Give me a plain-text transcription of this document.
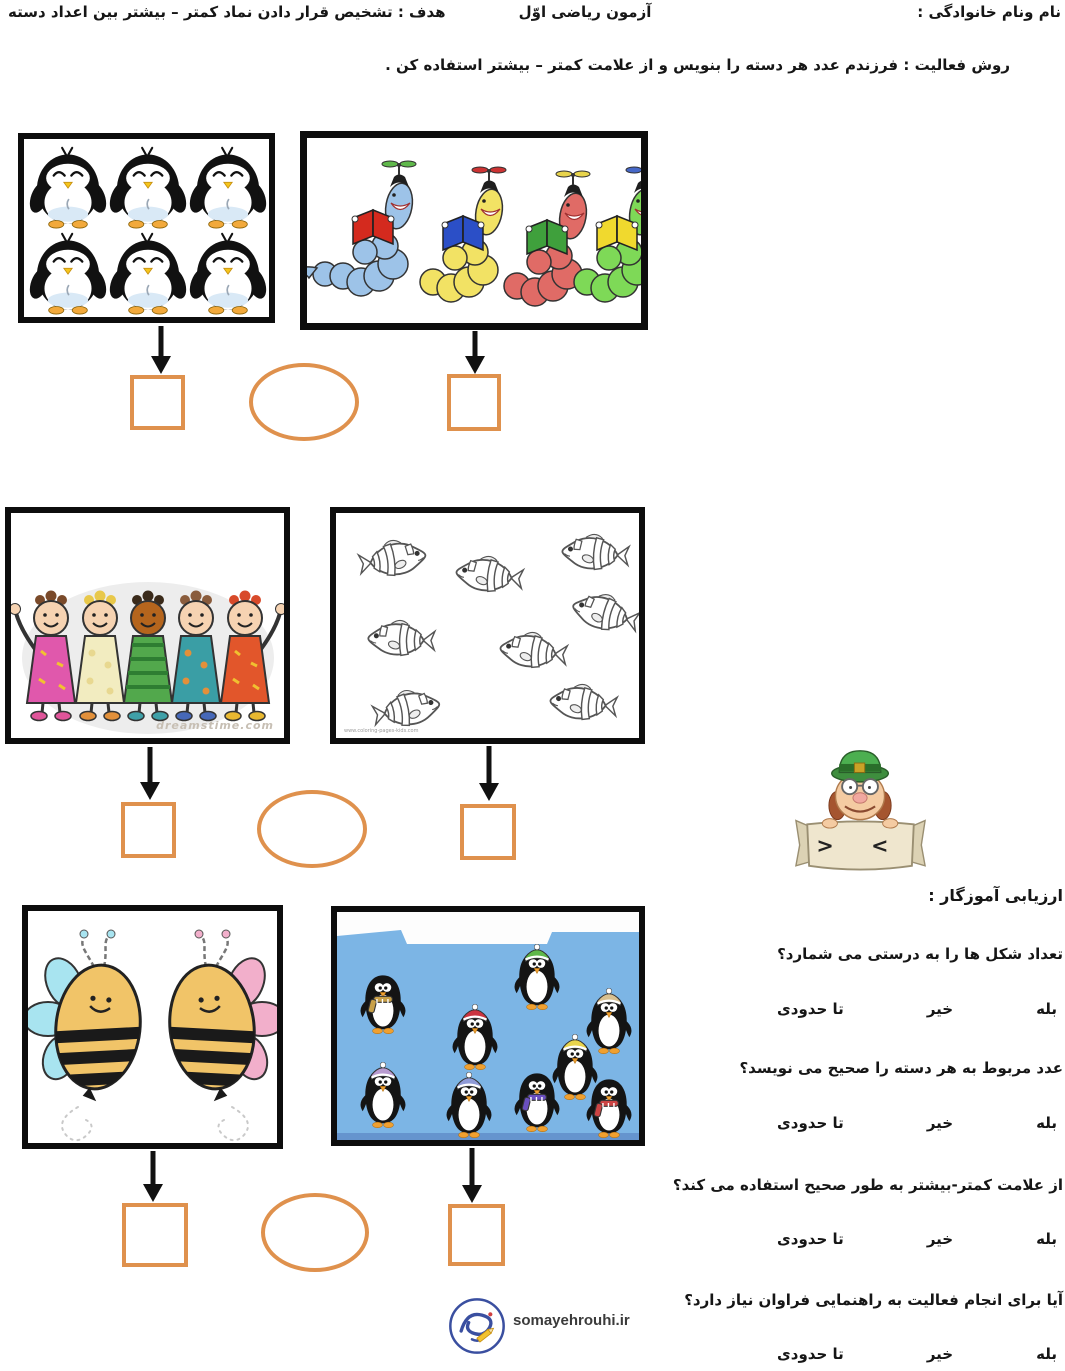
هدف : تشخیص قرار دادن نماد کمتر – بیشتر بین اعداد دسته	آزمون ریاضی اوّل	نام ونام خانوادگی :
روش فعالیت : فرزندم عدد هر دسته را بنویس و از علامت کمتر – بیشتر استفاده کن .
dreamstime.com	www.coloring-pages-kids.com
> <
ارزیابی آموزگار :
تعداد شکل ها را به درستی می شمارد؟
بله
خیر
تا حدودی
عدد مربوط به هر دسته را صحیح می نویسد؟
بله
خیر
تا حدودی
از علامت کمتر-بیشتر به طور صحیح استفاده می کند؟
بله
خیر
تا حدودی
آیا برای انجام فعالیت به راهنمایی فراوان نیاز دارد؟
بله
خیر
تا حدودی
somayehrouhi.ir
